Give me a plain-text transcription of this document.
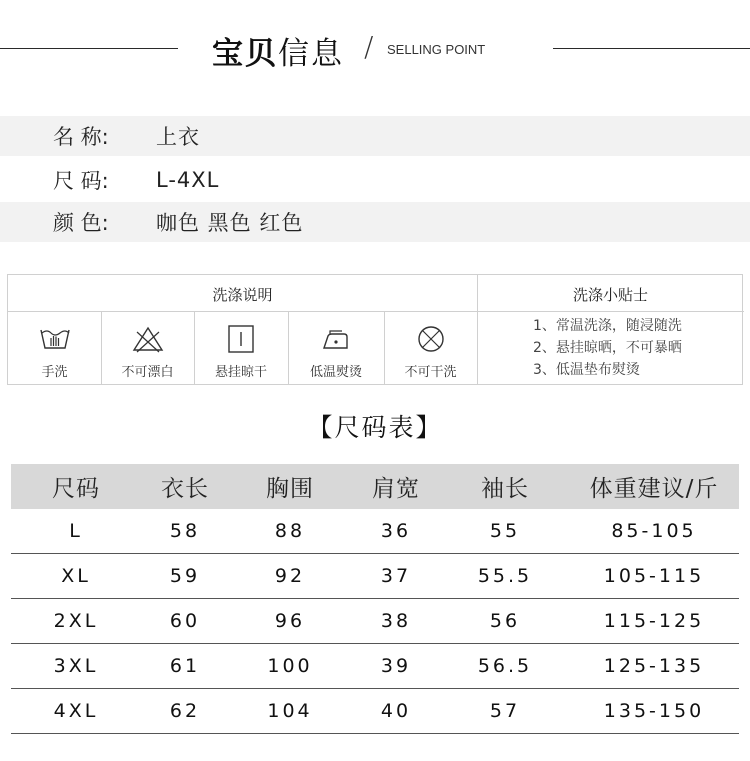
宝贝信息 / SELLING POINT
名 称: 上衣
尺 码: L-4XL
颜 色: 咖色 黑色 红色
洗涤说明	洗涤小贴士
手洗	不可漂白	悬挂晾干	低温熨烫	不可干洗
1、常温洗涤，随浸随洗
2、悬挂晾晒，不可暴晒
3、低温垫布熨烫
【尺码表】
尺码	衣长	胸围	肩宽	袖长	体重建议/斤
L	58	88	36	55	85-105
XL	59	92	37	55.5	105-115
2XL	60	96	38	56	115-125
3XL	61	100	39	56.5	125-135
4XL	62	104	40	57	135-150
